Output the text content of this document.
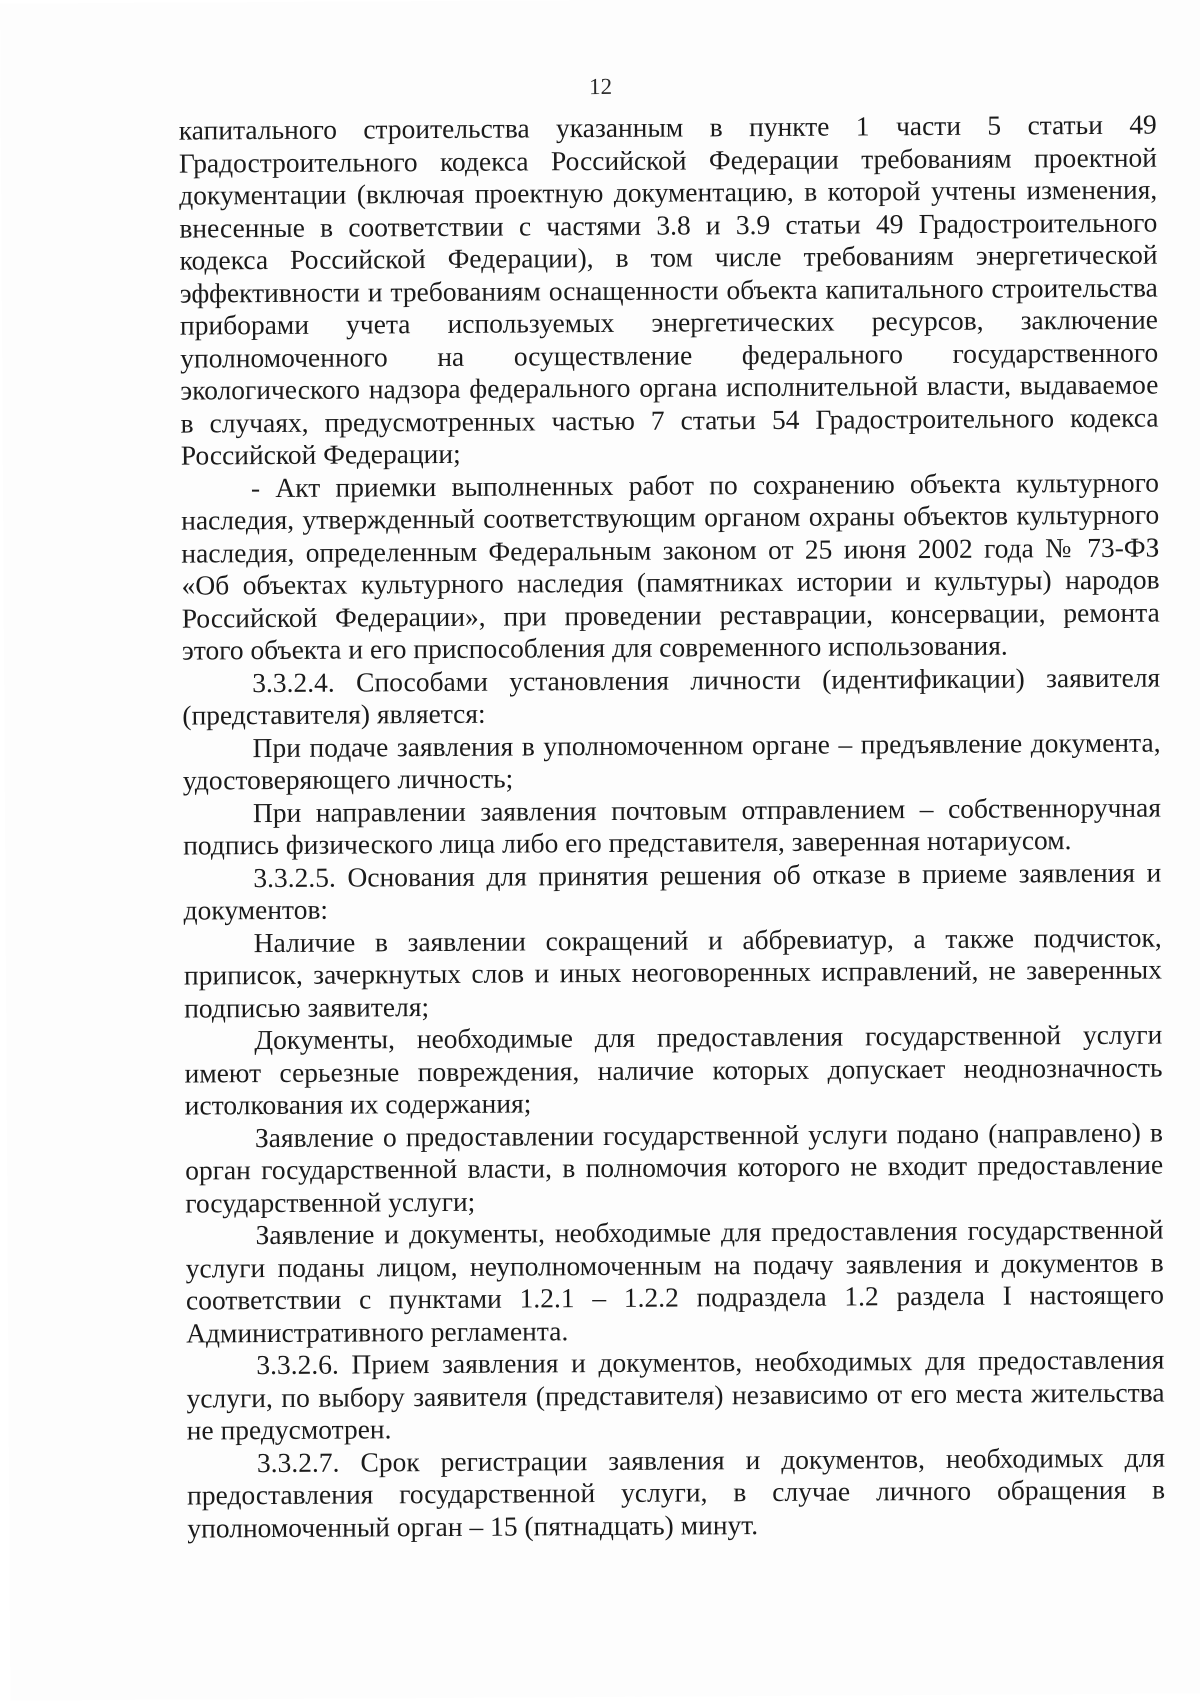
12

капитального строительства указанным в пункте 1 части 5 статьи 49 Градостроительного кодекса Российской Федерации требованиям проектной документации (включая проектную документацию, в которой учтены изменения, внесенные в соответствии с частями 3.8 и 3.9 статьи 49 Градостроительного кодекса Российской Федерации), в том числе требованиям энергетической эффективности и требованиям оснащенности объекта капитального строительства приборами учета используемых энергетических ресурсов, заключение уполномоченного на осуществление федерального государственного экологического надзора федерального органа исполнительной власти, выдаваемое в случаях, предусмотренных частью 7 статьи 54 Градостроительного кодекса Российской Федерации;

- Акт приемки выполненных работ по сохранению объекта культурного наследия, утвержденный соответствующим органом охраны объектов культурного наследия, определенным Федеральным законом от 25 июня 2002 года № 73-ФЗ «Об объектах культурного наследия (памятниках истории и культуры) народов Российской Федерации», при проведении реставрации, консервации, ремонта этого объекта и его приспособления для современного использования.

3.3.2.4. Способами установления личности (идентификации) заявителя (представителя) является:

При подаче заявления в уполномоченном органе – предъявление документа, удостоверяющего личность;

При направлении заявления почтовым отправлением – собственноручная подпись физического лица либо его представителя, заверенная нотариусом.

3.3.2.5. Основания для принятия решения об отказе в приеме заявления и документов:

Наличие в заявлении сокращений и аббревиатур, а также подчисток, приписок, зачеркнутых слов и иных неоговоренных исправлений, не заверенных подписью заявителя;

Документы, необходимые для предоставления государственной услуги имеют серьезные повреждения, наличие которых допускает неоднозначность истолкования их содержания;

Заявление о предоставлении государственной услуги подано (направлено) в орган государственной власти, в полномочия которого не входит предоставление государственной услуги;

Заявление и документы, необходимые для предоставления государственной услуги поданы лицом, неуполномоченным на подачу заявления и документов в соответствии с пунктами 1.2.1 – 1.2.2 подраздела 1.2 раздела I настоящего Административного регламента.

3.3.2.6. Прием заявления и документов, необходимых для предоставления услуги, по выбору заявителя (представителя) независимо от его места жительства не предусмотрен.

3.3.2.7. Срок регистрации заявления и документов, необходимых для предоставления государственной услуги, в случае личного обращения в уполномоченный орган – 15 (пятнадцать) минут.
